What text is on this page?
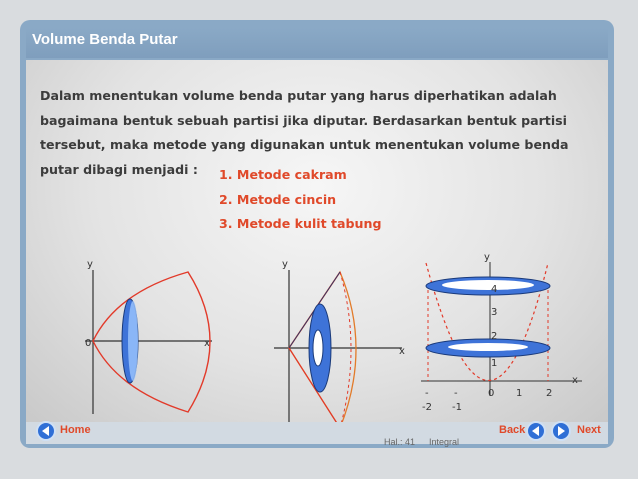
Volume Benda Putar
Dalam menentukan volume benda putar yang harus diperhatikan adalah
bagaimana bentuk sebuah partisi jika diputar. Berdasarkan bentuk partisi
tersebut, maka metode yang digunakan untuk menentukan volume benda
putar dibagi menjadi :	1. Metode cakram
2. Metode cincin
3. Metode kulit tabung
y
x
0
y
x
y
x
4
3
2
1
0 1 2
-	-
-2 -1
Home	Back	Next
Hal.: 41 Integral
